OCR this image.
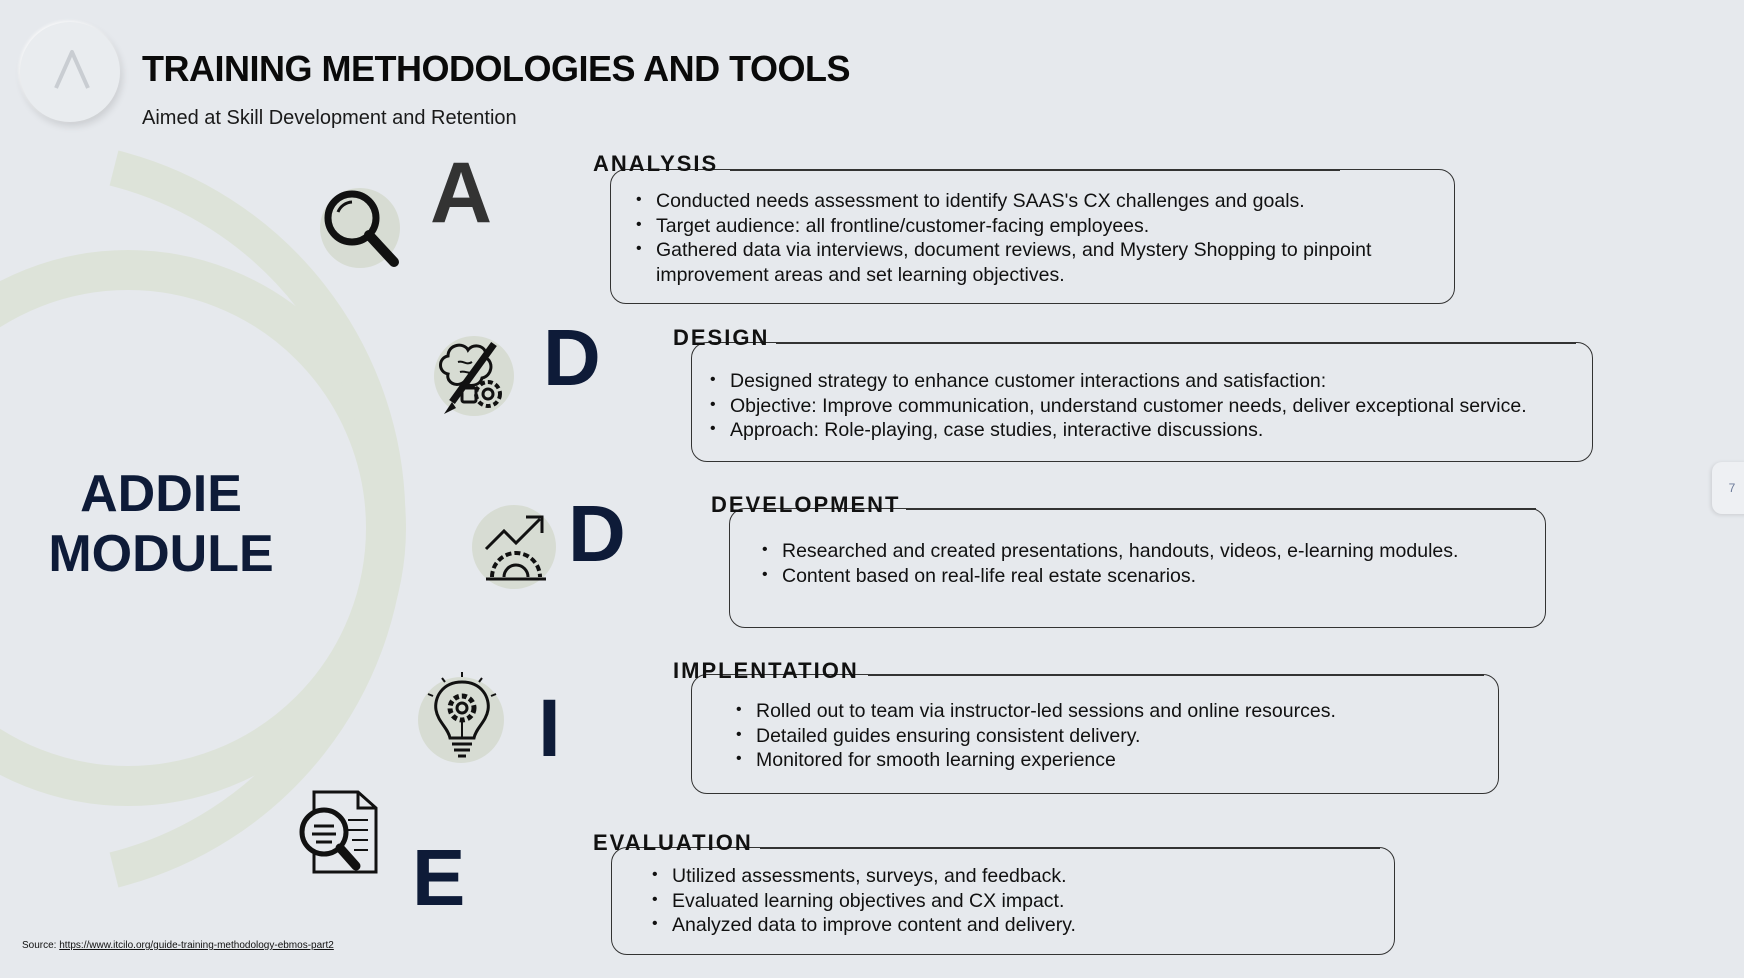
TRAINING METHODOLOGIES AND TOOLS
Aimed at Skill Development and Retention
ADDIE
MODULE
A	ANALYSIS
• Conducted needs assessment to identify SAAS's CX challenges and goals.
• Target audience: all frontline/customer-facing employees.
• Gathered data via interviews, document reviews, and Mystery Shopping to pinpoint improvement areas and set learning objectives.
D	DESIGN
• Designed strategy to enhance customer interactions and satisfaction:
• Objective: Improve communication, understand customer needs, deliver exceptional service.
• Approach: Role-playing, case studies, interactive discussions.
D	DEVELOPMENT
• Researched and created presentations, handouts, videos, e-learning modules.
• Content based on real-life real estate scenarios.
I
IMPLENTATION
• Rolled out to team via instructor-led sessions and online resources.
• Detailed guides ensuring consistent delivery.
• Monitored for smooth learning experience
E	EVALUATION
• Utilized assessments, surveys, and feedback.
• Evaluated learning objectives and CX impact.
• Analyzed data to improve content and delivery.
Source: https://www.itcilo.org/guide-training-methodology-ebmos-part2
7
